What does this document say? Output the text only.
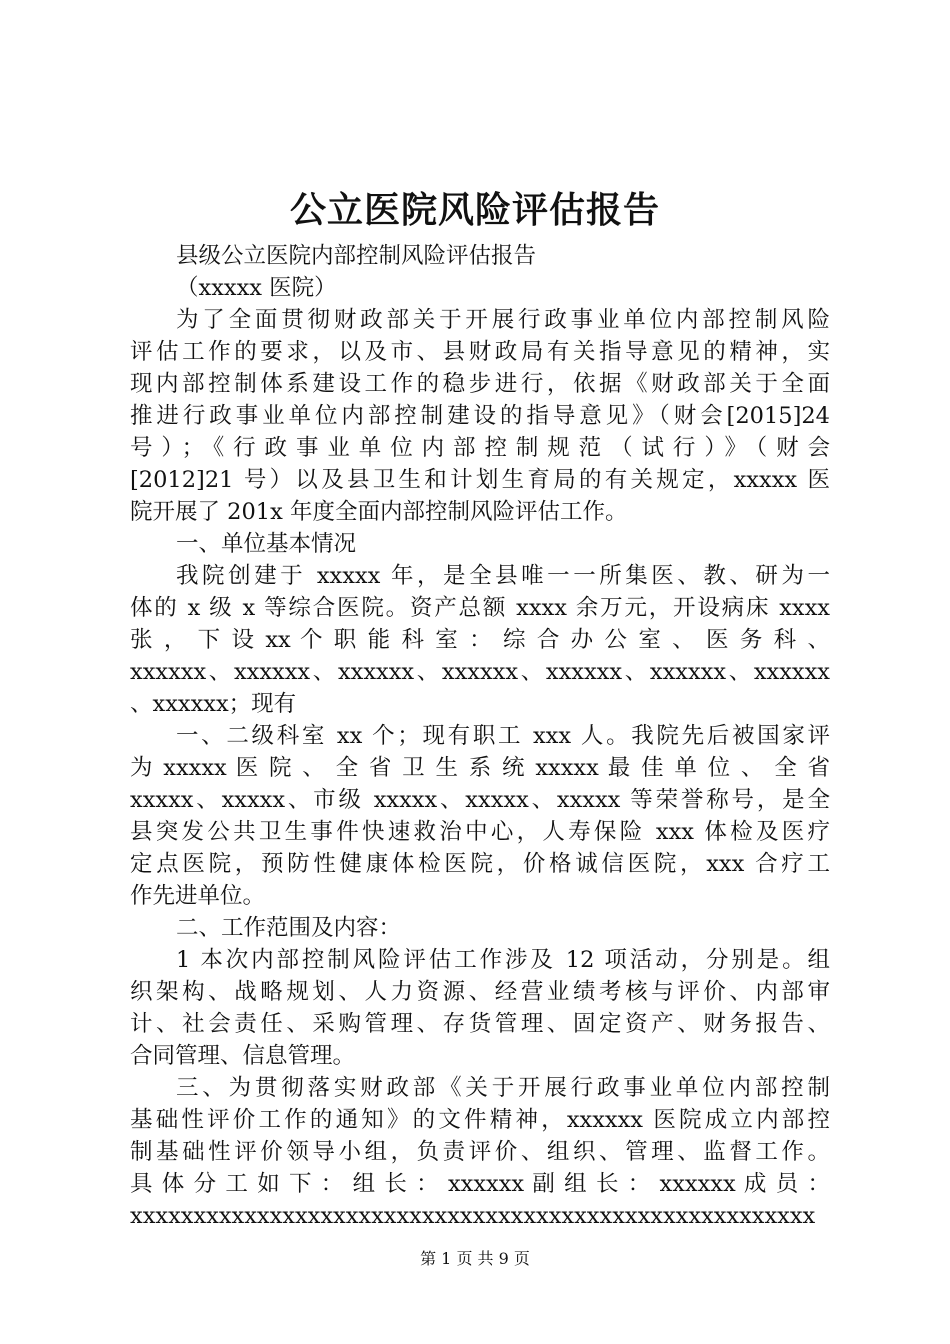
公立医院风险评估报告
县级公立医院内部控制风险评估报告
（xxxxx 医院）
为了全面贯彻财政部关于开展行政事业单位内部控制风险
评估工作的要求，以及市、县财政局有关指导意见的精神，实
现内部控制体系建设工作的稳步进行，依据《财政部关于全面
推进行政事业单位内部控制建设的指导意见》（财会[2015]24
号）；《行政事业单位内部控制规范（试行）》（财会
[2012]21 号）以及县卫生和计划生育局的有关规定，xxxxx 医
院开展了 201x 年度全面内部控制风险评估工作。
一、单位基本情况
我院创建于 xxxxx 年，是全县唯一一所集医、教、研为一
体的 x 级 x 等综合医院。资产总额 xxxx 余万元，开设病床 xxxx
张 ， 下 设 xx 个 职 能 科 室 ： 综 合 办 公 室 、 医 务 科 、
xxxxxx、xxxxxx、xxxxxx、xxxxxx、xxxxxx、xxxxxx、xxxxxx
、xxxxxx；现有
一、二级科室 xx 个；现有职工 xxx 人。我院先后被国家评
为 xxxxx 医 院 、 全 省 卫 生 系 统 xxxxx 最 佳 单 位 、 全 省
xxxxx、xxxxx、市级 xxxxx、xxxxx、xxxxx 等荣誉称号，是全
县突发公共卫生事件快速救治中心，人寿保险 xxx 体检及医疗
定点医院，预防性健康体检医院，价格诚信医院，xxx 合疗工
作先进单位。
二、工作范围及内容：
1 本次内部控制风险评估工作涉及 12 项活动，分别是。组
织架构、战略规划、人力资源、经营业绩考核与评价、内部审
计、社会责任、采购管理、存货管理、固定资产、财务报告、
合同管理、信息管理。
三、为贯彻落实财政部《关于开展行政事业单位内部控制
基础性评价工作的通知》的文件精神，xxxxxx 医院成立内部控
制基础性评价领导小组，负责评价、组织、管理、监督工作。
具 体 分 工 如 下 ： 组 长 ： xxxxxx 副 组 长 ： xxxxxx 成 员 ：
xxxxxxxxxxxxxxxxxxxxxxxxxxxxxxxxxxxxxxxxxxxxxxxxxxxxxx
第 1 页 共 9 页
